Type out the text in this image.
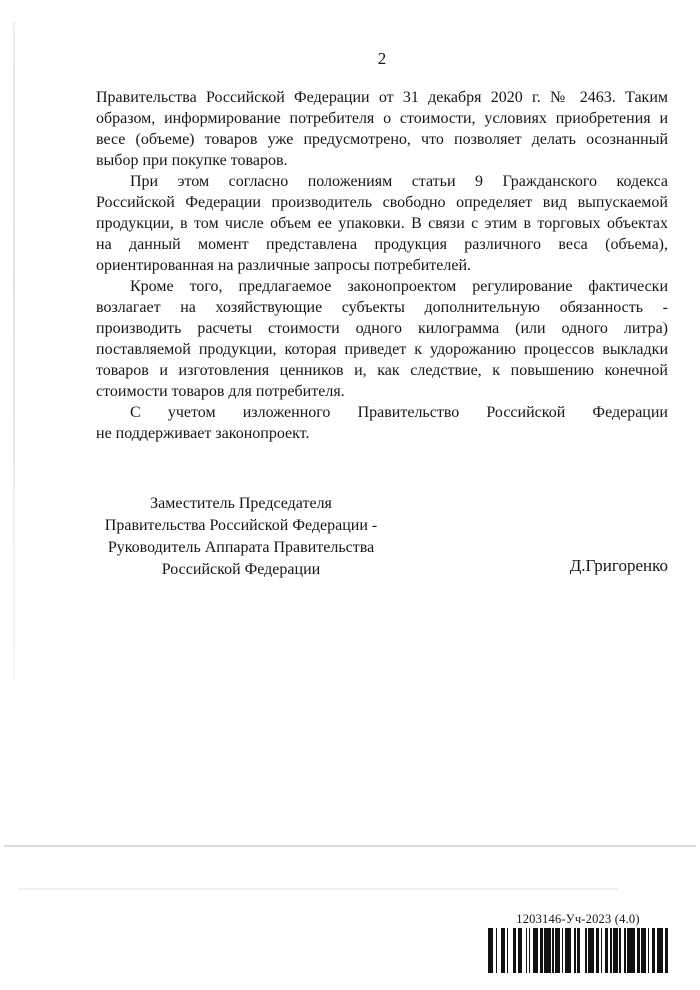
2
Правительства Российской Федерации от 31 декабря 2020 г. № 2463. Таким
образом, информирование потребителя о стоимости, условиях приобретения и
весе (объеме) товаров уже предусмотрено, что позволяет делать осознанный
выбор при покупке товаров.
При этом согласно положениям статьи 9 Гражданского кодекса
Российской Федерации производитель свободно определяет вид выпускаемой
продукции, в том числе объем ее упаковки. В связи с этим в торговых объектах
на данный момент представлена продукция различного веса (объема),
ориентированная на различные запросы потребителей.
Кроме того, предлагаемое законопроектом регулирование фактически
возлагает на хозяйствующие субъекты дополнительную обязанность -
производить расчеты стоимости одного килограмма (или одного литра)
поставляемой продукции, которая приведет к удорожанию процессов выкладки
товаров и изготовления ценников и, как следствие, к повышению конечной
стоимости товаров для потребителя.
С учетом изложенного Правительство Российской Федерации
не поддерживает законопроект.
Заместитель Председателя
Правительства Российской Федерации -
Руководитель Аппарата Правительства
Российской Федерации	Д.Григоренко
1203146-Уч-2023 (4.0)
